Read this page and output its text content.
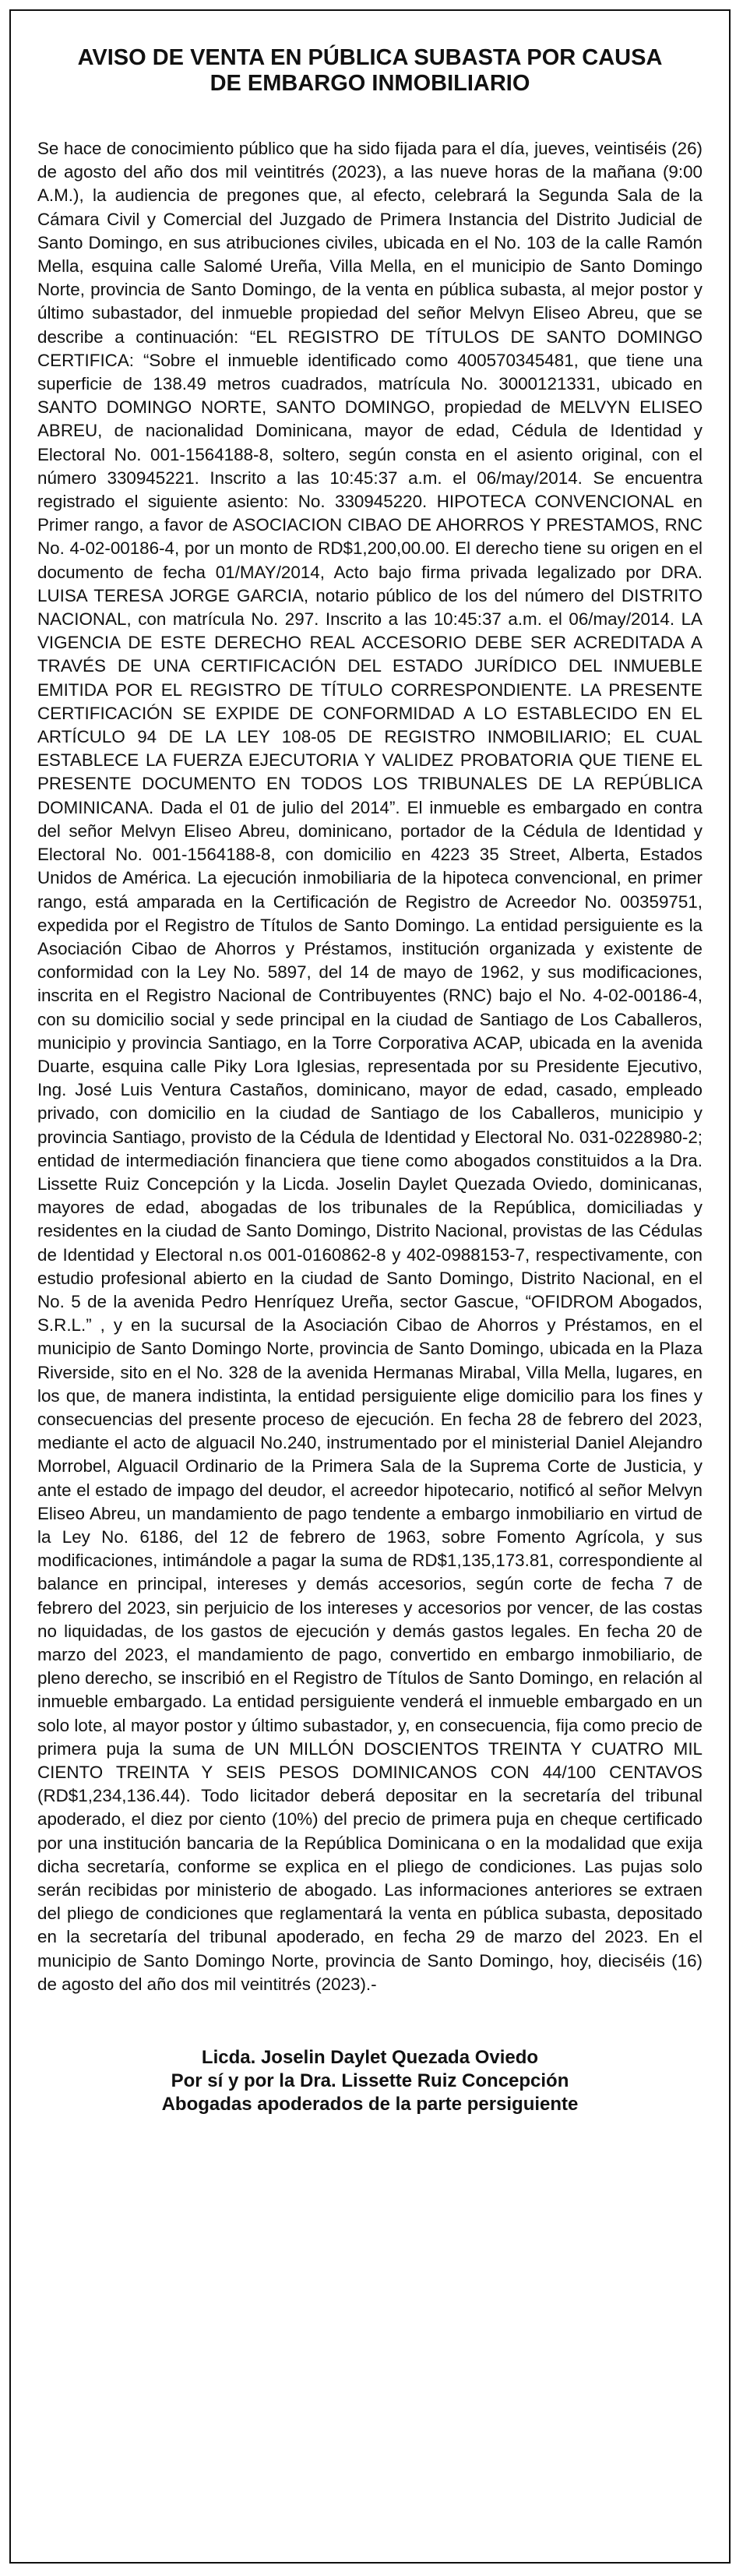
AVISO DE VENTA EN PÚBLICA SUBASTA POR CAUSA DE EMBARGO INMOBILIARIO

Se hace de conocimiento público que ha sido fijada para el día, jueves, veintiséis (26) de agosto del año dos mil veintitrés (2023), a las nueve horas de la mañana (9:00 A.M.), la audiencia de pregones que, al efecto, celebrará la Segunda Sala de la Cámara Civil y Comercial del Juzgado de Primera Instancia del Distrito Judicial de Santo Domingo, en sus atribuciones civiles, ubicada en el No. 103 de la calle Ramón Mella, esquina calle Salomé Ureña, Villa Mella, en el municipio de Santo Domingo Norte, provincia de Santo Domingo, de la venta en pública subasta, al mejor postor y último subastador, del inmueble propiedad del señor Melvyn Eliseo Abreu, que se describe a continuación: “EL REGISTRO DE TÍTULOS DE SANTO DOMINGO CERTIFICA: “Sobre el inmueble identificado como 400570345481, que tiene una superficie de 138.49 metros cuadrados, matrícula No. 3000121331, ubicado en SANTO DOMINGO NORTE, SANTO DOMINGO, propiedad de MELVYN ELISEO ABREU, de nacionalidad Dominicana, mayor de edad, Cédula de Identidad y Electoral No. 001-1564188-8, soltero, según consta en el asiento original, con el número 330945221. Inscrito a las 10:45:37 a.m. el 06/may/2014. Se encuentra registrado el siguiente asiento: No. 330945220. HIPOTECA CONVENCIONAL en Primer rango, a favor de ASOCIACION CIBAO DE AHORROS Y PRESTAMOS, RNC No. 4-02-00186-4, por un monto de RD$1,200,00.00. El derecho tiene su origen en el documento de fecha 01/MAY/2014, Acto bajo firma privada legalizado por DRA. LUISA TERESA JORGE GARCIA, notario público de los del número del DISTRITO NACIONAL, con matrícula No. 297. Inscrito a las 10:45:37 a.m. el 06/may/2014. LA VIGENCIA DE ESTE DERECHO REAL ACCESORIO DEBE SER ACREDITADA A TRAVÉS DE UNA CERTIFICACIÓN DEL ESTADO JURÍDICO DEL INMUEBLE EMITIDA POR EL REGISTRO DE TÍTULO CORRESPONDIENTE. LA PRESENTE CERTIFICACIÓN SE EXPIDE DE CONFORMIDAD A LO ESTABLECIDO EN EL ARTÍCULO 94 DE LA LEY 108-05 DE REGISTRO INMOBILIARIO; EL CUAL ESTABLECE LA FUERZA EJECUTORIA Y VALIDEZ PROBATORIA QUE TIENE EL PRESENTE DOCUMENTO EN TODOS LOS TRIBUNALES DE LA REPÚBLICA DOMINICANA. Dada el 01 de julio del 2014”. El inmueble es embargado en contra del señor Melvyn Eliseo Abreu, dominicano, portador de la Cédula de Identidad y Electoral No. 001-1564188-8, con domicilio en 4223 35 Street, Alberta, Estados Unidos de América. La ejecución inmobiliaria de la hipoteca convencional, en primer rango, está amparada en la Certificación de Registro de Acreedor No. 00359751, expedida por el Registro de Títulos de Santo Domingo. La entidad persiguiente es la Asociación Cibao de Ahorros y Préstamos, institución organizada y existente de conformidad con la Ley No. 5897, del 14 de mayo de 1962, y sus modificaciones, inscrita en el Registro Nacional de Contribuyentes (RNC) bajo el No. 4-02-00186-4, con su domicilio social y sede principal en la ciudad de Santiago de Los Caballeros, municipio y provincia Santiago, en la Torre Corporativa ACAP, ubicada en la avenida Duarte, esquina calle Piky Lora Iglesias, representada por su Presidente Ejecutivo, Ing. José Luis Ventura Castaños, dominicano, mayor de edad, casado, empleado privado, con domicilio en la ciudad de Santiago de los Caballeros, municipio y provincia Santiago, provisto de la Cédula de Identidad y Electoral No. 031-0228980-2; entidad de intermediación financiera que tiene como abogados constituidos a la Dra. Lissette Ruiz Concepción y la Licda. Joselin Daylet Quezada Oviedo, dominicanas, mayores de edad, abogadas de los tribunales de la República, domiciliadas y residentes en la ciudad de Santo Domingo, Distrito Nacional, provistas de las Cédulas de Identidad y Electoral n.os 001-0160862-8 y 402-0988153-7, respectivamente, con estudio profesional abierto en la ciudad de Santo Domingo, Distrito Nacional, en el No. 5 de la avenida Pedro Henríquez Ureña, sector Gascue, “OFIDROM Abogados, S.R.L.” , y en la sucursal de la Asociación Cibao de Ahorros y Préstamos, en el municipio de Santo Domingo Norte, provincia de Santo Domingo, ubicada en la Plaza Riverside, sito en el No. 328 de la avenida Hermanas Mirabal, Villa Mella, lugares, en los que, de manera indistinta, la entidad persiguiente elige domicilio para los fines y consecuencias del presente proceso de ejecución. En fecha 28 de febrero del 2023, mediante el acto de alguacil No.240, instrumentado por el ministerial Daniel Alejandro Morrobel, Alguacil Ordinario de la Primera Sala de la Suprema Corte de Justicia, y ante el estado de impago del deudor, el acreedor hipotecario, notificó al señor Melvyn Eliseo Abreu, un mandamiento de pago tendente a embargo inmobiliario en virtud de la Ley No. 6186, del 12 de febrero de 1963, sobre Fomento Agrícola, y sus modificaciones, intimándole a pagar la suma de RD$1,135,173.81, correspondiente al balance en principal, intereses y demás accesorios, según corte de fecha 7 de febrero del 2023, sin perjuicio de los intereses y accesorios por vencer, de las costas no liquidadas, de los gastos de ejecución y demás gastos legales. En fecha 20 de marzo del 2023, el mandamiento de pago, convertido en embargo inmobiliario, de pleno derecho, se inscribió en el Registro de Títulos de Santo Domingo, en relación al inmueble embargado. La entidad persiguiente venderá el inmueble embargado en un solo lote, al mayor postor y último subastador, y, en consecuencia, fija como precio de primera puja la suma de UN MILLÓN DOSCIENTOS TREINTA Y CUATRO MIL CIENTO TREINTA Y SEIS PESOS DOMINICANOS CON 44/100 CENTAVOS (RD$1,234,136.44). Todo licitador deberá depositar en la secretaría del tribunal apoderado, el diez por ciento (10%) del precio de primera puja en cheque certificado por una institución bancaria de la República Dominicana o en la modalidad que exija dicha secretaría, conforme se explica en el pliego de condiciones. Las pujas solo serán recibidas por ministerio de abogado. Las informaciones anteriores se extraen del pliego de condiciones que reglamentará la venta en pública subasta, depositado en la secretaría del tribunal apoderado, en fecha 29 de marzo del 2023. En el municipio de Santo Domingo Norte, provincia de Santo Domingo, hoy, dieciséis (16) de agosto del año dos mil veintitrés (2023).-

Licda. Joselin Daylet Quezada Oviedo
Por sí y por la Dra. Lissette Ruiz Concepción
Abogadas apoderados de la parte persiguiente
